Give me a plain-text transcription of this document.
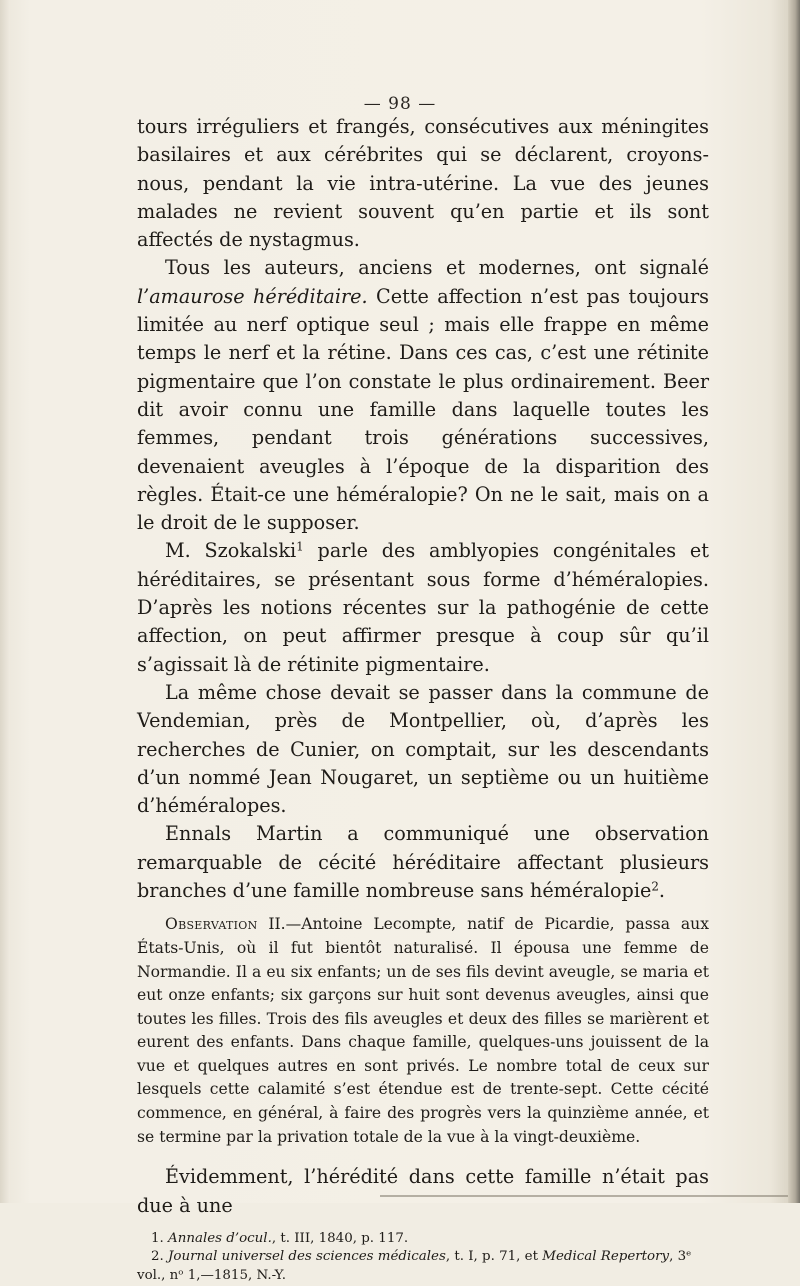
— 98 —

tours irréguliers et frangés, consécutives aux méningites basilaires et aux cérébrites qui se déclarent, croyons-nous, pendant la vie intra-utérine. La vue des jeunes malades ne revient souvent qu’en partie et ils sont affectés de nystagmus.

Tous les auteurs, anciens et modernes, ont signalé l’amaurose héréditaire. Cette affection n’est pas toujours limitée au nerf optique seul ; mais elle frappe en même temps le nerf et la rétine. Dans ces cas, c’est une rétinite pigmentaire que l’on constate le plus ordinairement. Beer dit avoir connu une famille dans laquelle toutes les femmes, pendant trois générations successives, devenaient aveugles à l’époque de la disparition des règles. Était-ce une héméralopie? On ne le sait, mais on a le droit de le supposer.

M. Szokalski$^1$ parle des amblyopies congénitales et héréditaires, se présentant sous forme d’héméralopies. D’après les notions récentes sur la pathogénie de cette affection, on peut affirmer presque à coup sûr qu’il s’agissait là de rétinite pigmentaire.

La même chose devait se passer dans la commune de Vendemian, près de Montpellier, où, d’après les recherches de Cunier, on comptait, sur les descendants d’un nommé Jean Nougaret, un septième ou un huitième d’héméralopes.

Ennals Martin a communiqué une observation remarquable de cécité héréditaire affectant plusieurs branches d’une famille nombreuse sans héméralopie$^2$.

Observation II.—Antoine Lecompte, natif de Picardie, passa aux États-Unis, où il fut bientôt naturalisé. Il épousa une femme de Normandie. Il a eu six enfants; un de ses fils devint aveugle, se maria et eut onze enfants; six garçons sur huit sont devenus aveugles, ainsi que toutes les filles. Trois des fils aveugles et deux des filles se marièrent et eurent des enfants. Dans chaque famille, quelques-uns jouissent de la vue et quelques autres en sont privés. Le nombre total de ceux sur lesquels cette calamité s’est étendue est de trente-sept. Cette cécité commence, en général, à faire des progrès vers la quinzième année, et se termine par la privation totale de la vue à la vingt-deuxième.

Évidemment, l’hérédité dans cette famille n’était pas due à une

1. Annales d’ocul., t. III, 1840, p. 117.

2. Journal universel des sciences médicales, t. I, p. 71, et Medical Repertory, 3ᵉ vol., nᵒ 1,—1815, N.-Y.
